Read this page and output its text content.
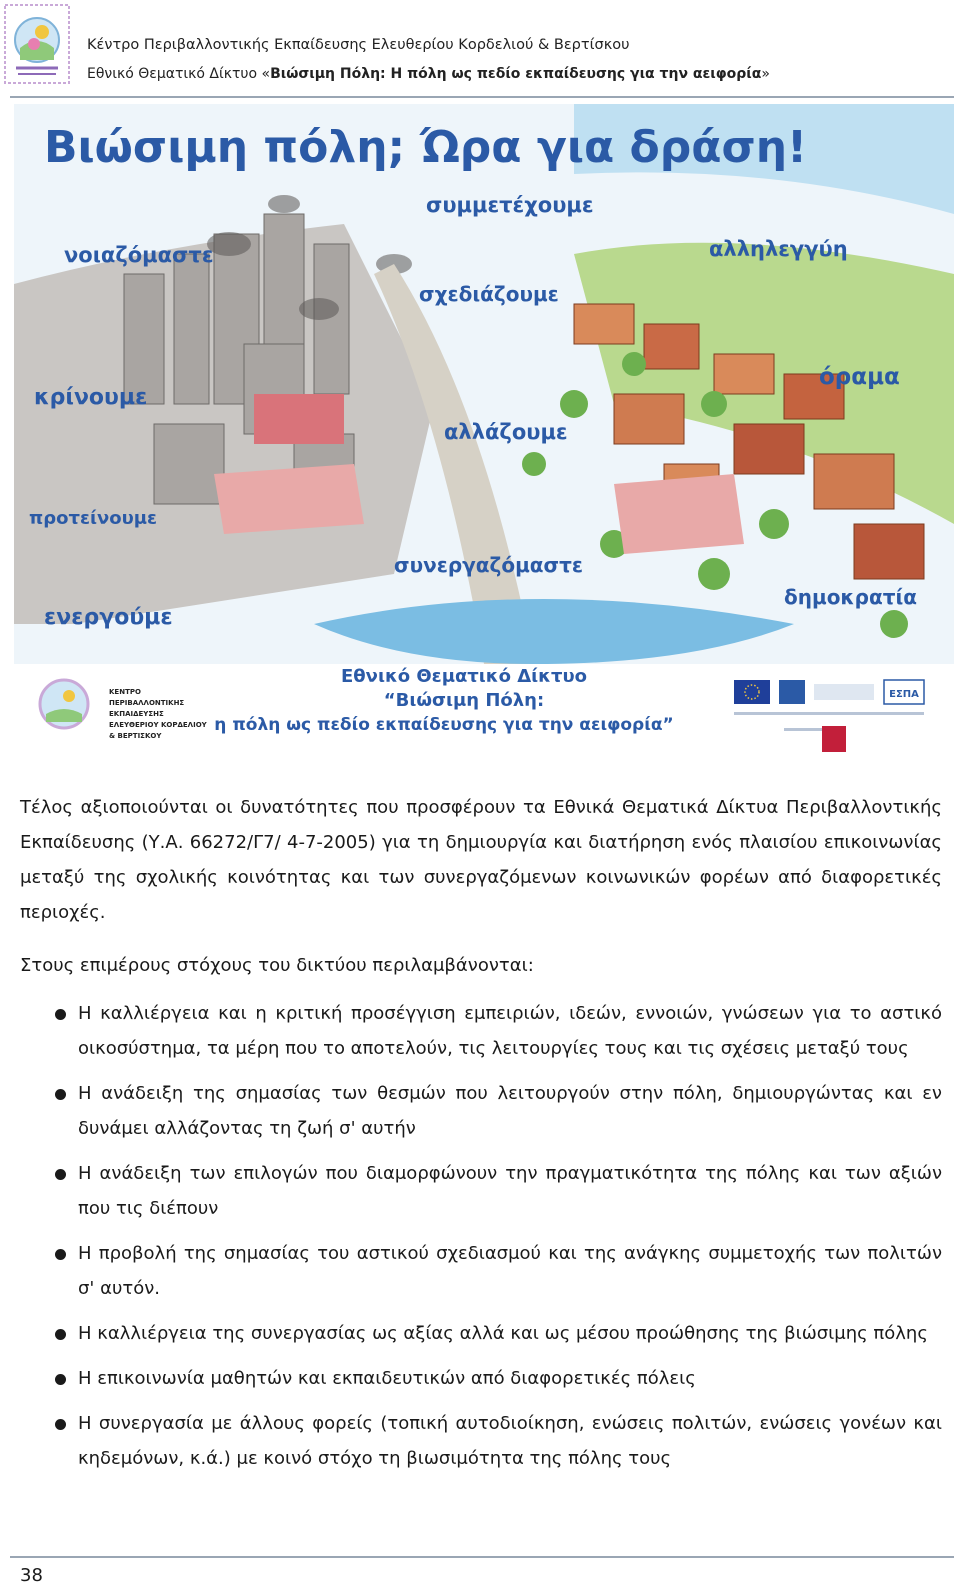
Κέντρο Περιβαλλοντικής Εκπαίδευσης Ελευθερίου Κορδελιού & Βερτίσκου
Εθνικό Θεματικό Δίκτυο «Βιώσιμη Πόλη: Η πόλη ως πεδίο εκπαίδευσης για την αειφορία»
Βιώσιμη πόλη; Ώρα για δράση!
συμμετέχουμε
νοιαζόμαστε	αλληλεγγύη
σχεδιάζουμε
όραμα
κρίνουμε
αλλάζουμε
προτείνουμε
συνεργαζόμαστε
δημοκρατία
ενεργούμε
Εθνικό Θεματικό Δίκτυο
“Βιώσιμη Πόλη:
η πόλη ως πεδίο εκπαίδευσης για την αειφορία”
ΚΕΝΤΡΟ
ΠΕΡΙΒΑΛΛΟΝΤΙΚΗΣ
ΕΚΠΑΙΔΕΥΣΗΣ
ΕΛΕΥΘΕΡΙΟΥ ΚΟΡΔΕΛΙΟΥ
& ΒΕΡΤΙΣΚΟΥ
ΕΣΠΑ
Τέλος αξιοποιούνται οι δυνατότητες που προσφέρουν τα Εθνικά Θεματικά Δίκτυα Περιβαλλοντικής Εκπαίδευσης (Υ.Α. 66272/Γ7/ 4-7-2005) για τη δημιουργία και διατήρηση ενός πλαισίου επικοινωνίας μεταξύ της σχολικής κοινότητας και των συνεργαζόμενων κοινωνικών φορέων από διαφορετικές περιοχές.
Στους επιμέρους στόχους του δικτύου περιλαμβάνονται:
Η καλλιέργεια και η κριτική προσέγγιση εμπειριών, ιδεών, εννοιών, γνώσεων για το αστικό οικοσύστημα, τα μέρη που το αποτελούν, τις λειτουργίες τους και τις σχέσεις μεταξύ τους
Η ανάδειξη της σημασίας των θεσμών που λειτουργούν στην πόλη, δημιουργώντας και εν δυνάμει αλλάζοντας τη ζωή σ' αυτήν
Η ανάδειξη των επιλογών που διαμορφώνουν την πραγματικότητα της πόλης και των αξιών που τις διέπουν
Η προβολή της σημασίας του αστικού σχεδιασμού και της ανάγκης συμμετοχής των πολιτών σ' αυτόν.
Η καλλιέργεια της συνεργασίας ως αξίας αλλά και ως μέσου προώθησης της βιώσιμης πόλης
Η επικοινωνία μαθητών και εκπαιδευτικών από διαφορετικές πόλεις
Η συνεργασία με άλλους φορείς (τοπική αυτοδιοίκηση, ενώσεις πολιτών, ενώσεις γονέων και κηδεμόνων, κ.ά.) με κοινό στόχο τη βιωσιμότητα της πόλης τους
38
